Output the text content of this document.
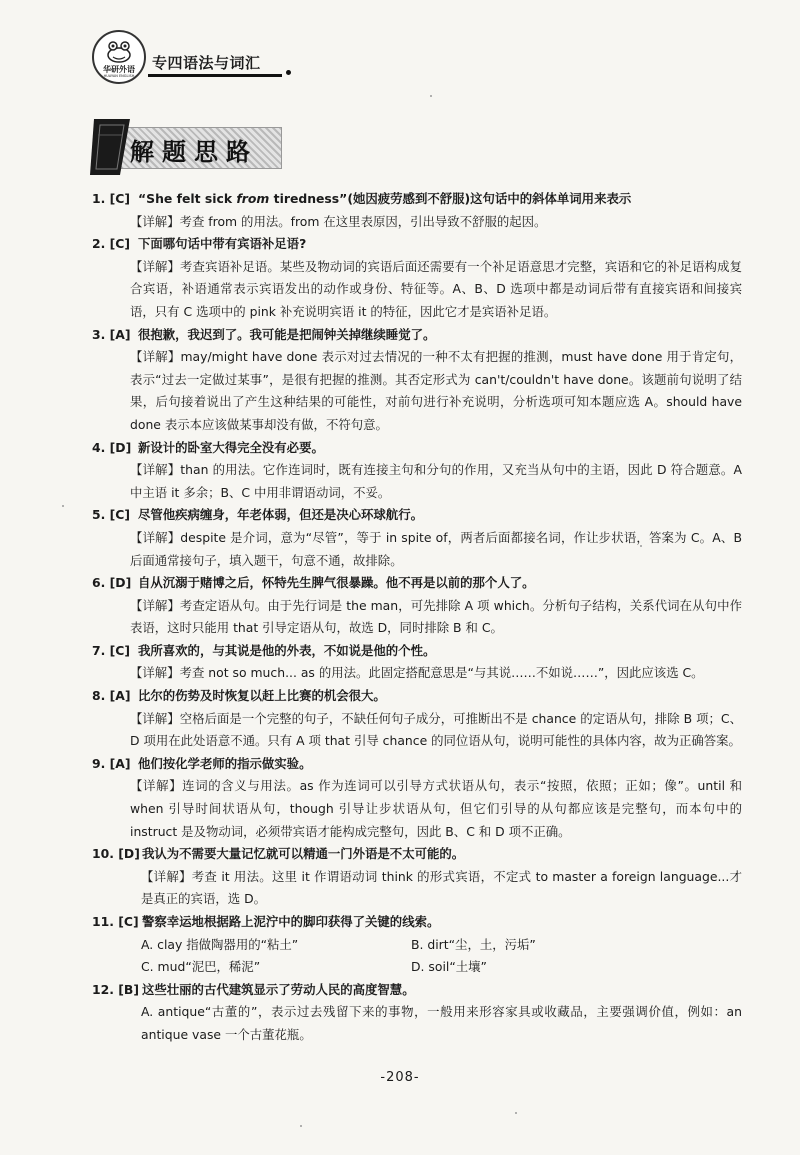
华研外语
HUAYAN ENGLISH
专四语法与词汇
解题思路
1. [C] “She felt sick from tiredness”(她因疲劳感到不舒服)这句话中的斜体单词用来表示
【详解】考查 from 的用法。from 在这里表原因，引出导致不舒服的起因。
2. [C] 下面哪句话中带有宾语补足语?
【详解】考查宾语补足语。某些及物动词的宾语后面还需要有一个补足语意思才完整，宾语和它的补足语构成复合宾语，补语通常表示宾语发出的动作或身份、特征等。A、B、D 选项中都是动词后带有直接宾语和间接宾语，只有 C 选项中的 pink 补充说明宾语 it 的特征，因此它才是宾语补足语。
3. [A] 很抱歉，我迟到了。我可能是把闹钟关掉继续睡觉了。
【详解】may/might have done 表示对过去情况的一种不太有把握的推测，must have done 用于肯定句，表示“过去一定做过某事”，是很有把握的推测。其否定形式为 can't/couldn't have done。该题前句说明了结果，后句接着说出了产生这种结果的可能性，对前句进行补充说明，分析选项可知本题应选 A。should have done 表示本应该做某事却没有做，不符句意。
4. [D] 新设计的卧室大得完全没有必要。
【详解】than 的用法。它作连词时，既有连接主句和分句的作用，又充当从句中的主语，因此 D 符合题意。A 中主语 it 多余；B、C 中用非谓语动词，不妥。
5. [C] 尽管他疾病缠身，年老体弱，但还是决心环球航行。
【详解】despite 是介词，意为“尽管”，等于 in spite of，两者后面都接名词，作让步状语，答案为 C。A、B 后面通常接句子，填入题干，句意不通，故排除。
6. [D] 自从沉溺于赌博之后，怀特先生脾气很暴躁。他不再是以前的那个人了。
【详解】考查定语从句。由于先行词是 the man，可先排除 A 项 which。分析句子结构，关系代词在从句中作表语，这时只能用 that 引导定语从句，故选 D，同时排除 B 和 C。
7. [C] 我所喜欢的，与其说是他的外表，不如说是他的个性。
【详解】考查 not so much... as 的用法。此固定搭配意思是“与其说……不如说……”，因此应该选 C。
8. [A] 比尔的伤势及时恢复以赶上比赛的机会很大。
【详解】空格后面是一个完整的句子，不缺任何句子成分，可推断出不是 chance 的定语从句，排除 B 项；C、D 项用在此处语意不通。只有 A 项 that 引导 chance 的同位语从句，说明可能性的具体内容，故为正确答案。
9. [A] 他们按化学老师的指示做实验。
【详解】连词的含义与用法。as 作为连词可以引导方式状语从句，表示“按照，依照；正如；像”。until 和 when 引导时间状语从句，though 引导让步状语从句，但它们引导的从句都应该是完整句，而本句中的 instruct 是及物动词，必须带宾语才能构成完整句，因此 B、C 和 D 项不正确。
10. [D] 我认为不需要大量记忆就可以精通一门外语是不太可能的。
【详解】考查 it 用法。这里 it 作谓语动词 think 的形式宾语，不定式 to master a foreign language...才是真正的宾语，选 D。
11. [C] 警察幸运地根据路上泥泞中的脚印获得了关键的线索。
A. clay 指做陶器用的“粘土”	B. dirt“尘，土，污垢”
C. mud“泥巴，稀泥”	D. soil“土壤”
12. [B] 这些壮丽的古代建筑显示了劳动人民的高度智慧。
A. antique“古董的”，表示过去残留下来的事物，一般用来形容家具或收藏品，主要强调价值，例如：an antique vase 一个古董花瓶。
-208-
